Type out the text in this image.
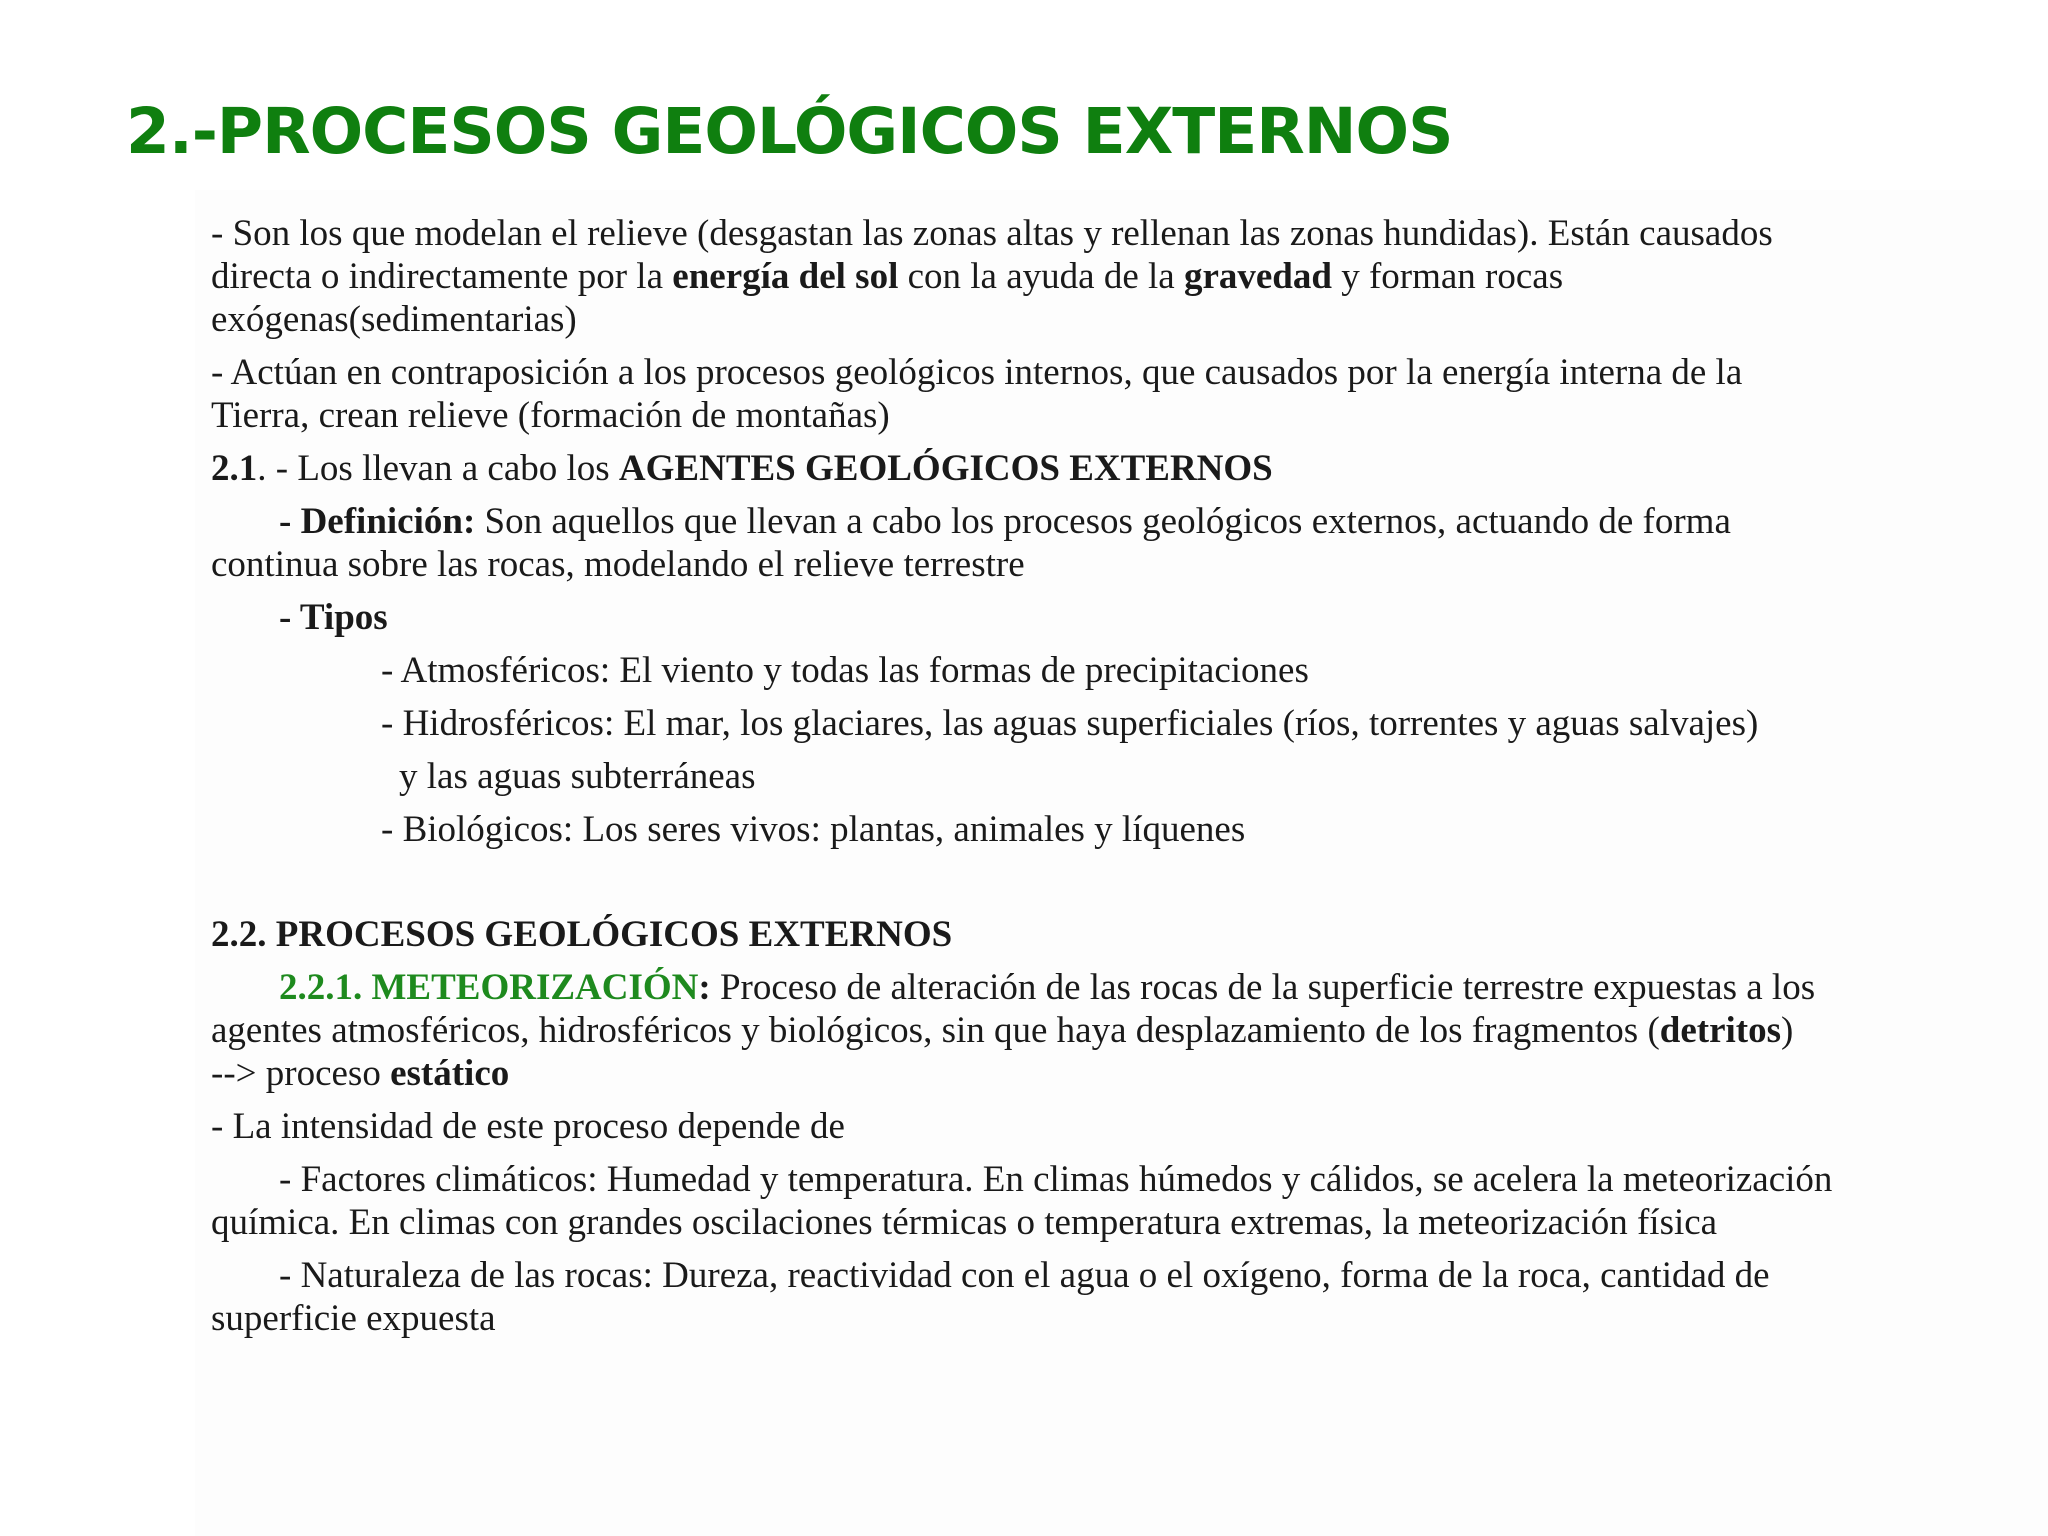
2.-PROCESOS GEOLÓGICOS EXTERNOS

- Son los que modelan el relieve (desgastan las zonas altas y rellenan las zonas hundidas). Están causados

directa o indirectamente por la energía del sol con la ayuda de la gravedad y forman rocas

exógenas(sedimentarias)

- Actúan en contraposición a los procesos geológicos internos, que causados por la energía interna de la

Tierra, crean relieve (formación de montañas)

2.1. - Los llevan a cabo los AGENTES GEOLÓGICOS EXTERNOS

- Definición: Son aquellos que llevan a cabo los procesos geológicos externos, actuando de forma

continua sobre las rocas, modelando el relieve terrestre

- Tipos

- Atmosféricos: El viento y todas las formas de precipitaciones

- Hidrosféricos: El mar, los glaciares, las aguas superficiales (ríos, torrentes y aguas salvajes)

y las aguas subterráneas

- Biológicos: Los seres vivos: plantas, animales y líquenes

2.2. PROCESOS GEOLÓGICOS EXTERNOS

2.2.1. METEORIZACIÓN: Proceso de alteración de las rocas de la superficie terrestre expuestas a los

agentes atmosféricos, hidrosféricos y biológicos, sin que haya desplazamiento de los fragmentos (detritos)

--> proceso estático

- La intensidad de este proceso depende de

- Factores climáticos: Humedad y temperatura. En climas húmedos y cálidos, se acelera la meteorización

química. En climas con grandes oscilaciones térmicas o temperatura extremas, la meteorización física

- Naturaleza de las rocas: Dureza, reactividad con el agua o el oxígeno, forma de la roca, cantidad de

superficie expuesta
